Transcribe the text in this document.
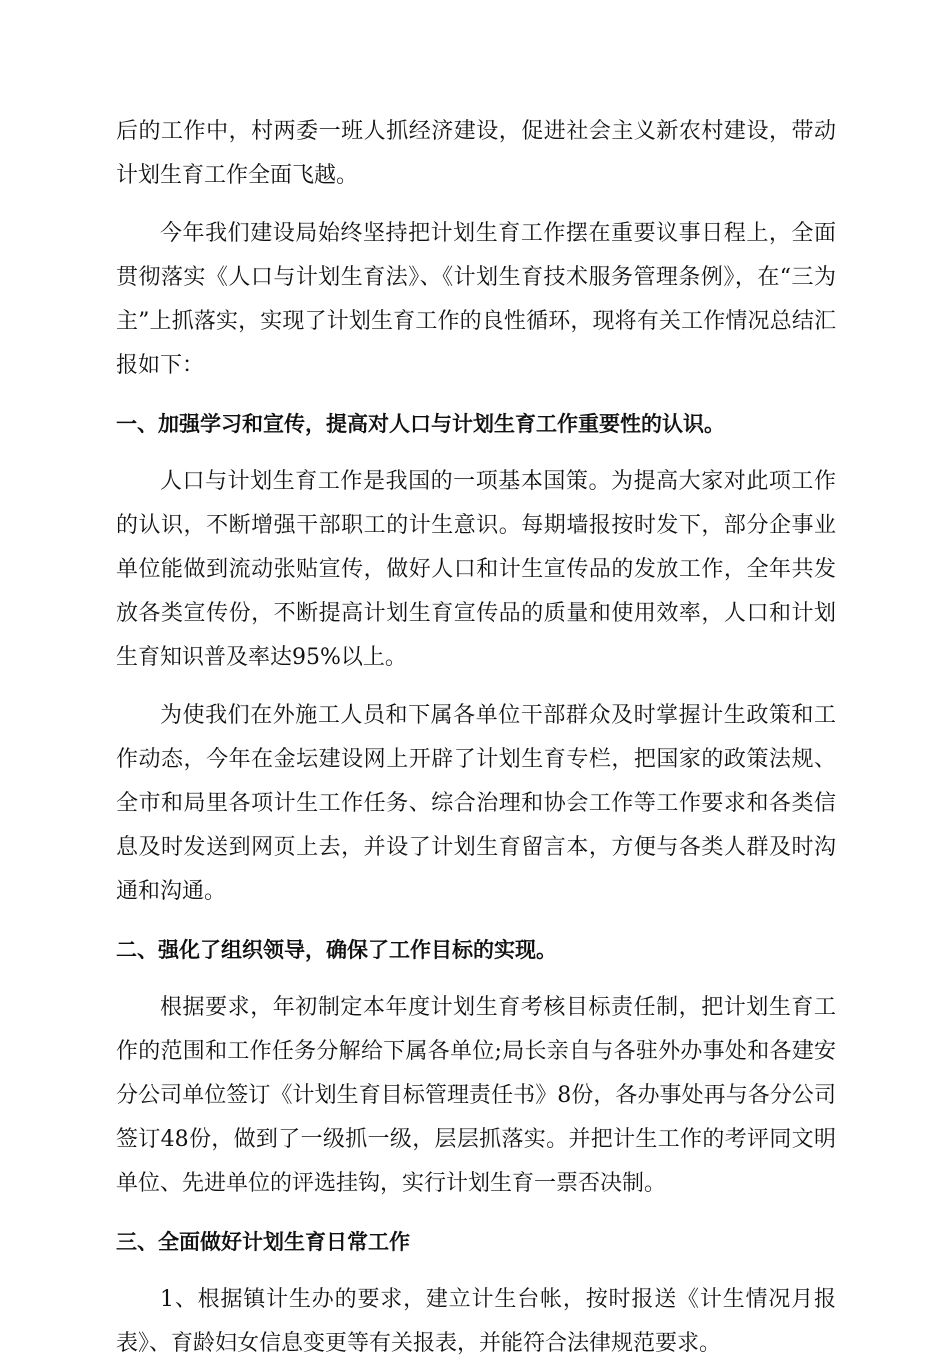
后的工作中，村两委一班人抓经济建设，促进社会主义新农村建设，带动计划生育工作全面飞越。

今年我们建设局始终坚持把计划生育工作摆在重要议事日程上，全面贯彻落实《人口与计划生育法》、《计划生育技术服务管理条例》，在“三为主”上抓落实，实现了计划生育工作的良性循环，现将有关工作情况总结汇报如下：

一、加强学习和宣传，提高对人口与计划生育工作重要性的认识。

人口与计划生育工作是我国的一项基本国策。为提高大家对此项工作的认识，不断增强干部职工的计生意识。每期墙报按时发下，部分企事业单位能做到流动张贴宣传，做好人口和计生宣传品的发放工作，全年共发放各类宣传份，不断提高计划生育宣传品的质量和使用效率，人口和计划生育知识普及率达95%以上。

为使我们在外施工人员和下属各单位干部群众及时掌握计生政策和工作动态，今年在金坛建设网上开辟了计划生育专栏，把国家的政策法规、全市和局里各项计生工作任务、综合治理和协会工作等工作要求和各类信息及时发送到网页上去，并设了计划生育留言本，方便与各类人群及时沟通和沟通。

二、强化了组织领导，确保了工作目标的实现。

根据要求，年初制定本年度计划生育考核目标责任制，把计划生育工作的范围和工作任务分解给下属各单位;局长亲自与各驻外办事处和各建安分公司单位签订《计划生育目标管理责任书》8份，各办事处再与各分公司签订48份，做到了一级抓一级，层层抓落实。并把计生工作的考评同文明单位、先进单位的评选挂钩，实行计划生育一票否决制。

三、全面做好计划生育日常工作

1、根据镇计生办的要求，建立计生台帐，按时报送《计生情况月报表》、育龄妇女信息变更等有关报表，并能符合法律规范要求。
